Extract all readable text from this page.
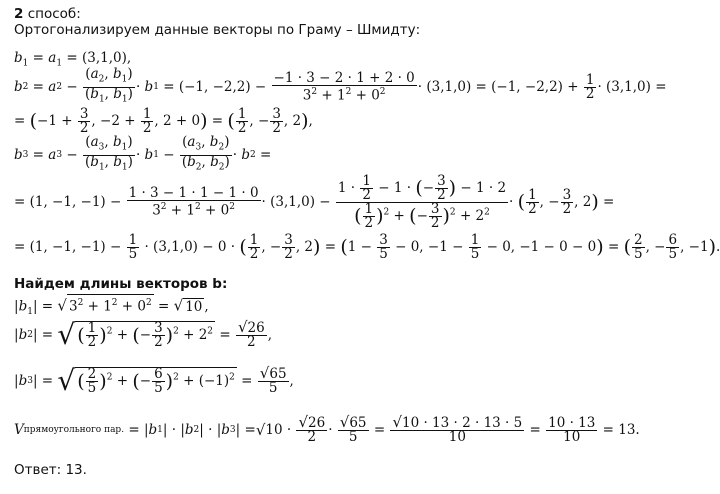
2 способ:
Ортогонализируем данные векторы по Граму – Шмидту:
$b_1 = a_1 = (3,1,0)$,
b 2 = a $2 - \frac{(a_2, b_1)}{(b_1, b_1)} \cdot b$ 1 = (−1, $-2,2) - \frac{-1 \cdot 3 - 2 \cdot 1 + 2 \cdot 0}{3^2 + 1^2 + 0^2} \cdot (3,1,0) = (-1$, $-2,2) + \frac{1}{2} \cdot (3,1,0)$ =
= ( $-1 + \frac{3}{2}$ , $-2 + \frac{1}{2}$ , 2 + 0 ) = ( $\frac{1}{2}$ , − $\frac{3}{2}$ , 2 ) ,
b 3 = a $3 - \frac{(a_3, b_1)}{(b_1, b_1)} \cdot b$ $1 - \frac{(a_3, b_2)}{(b_2, b_2)} \cdot b$ 2 =
= (1, −1, $-1) - \frac{1 \cdot 3 - 1 \cdot 1 - 1 \cdot 0}{3^2 + 1^2 + 0^2} \cdot (3,1,0) - \frac{1 \cdot \frac{1}{2} - 1 \cdot (- \frac{3}{2} ) - 1 \cdot 2}{( \frac{1}{2} )^2 + (- \frac{3}{2} )^2 + 2^2}$ · ( $\frac{1}{2}$ , − $\frac{3}{2}$ , 2 ) =
= (1, −1, $-1) - \frac{1}{5} \cdot (3,1,0) - 0$ · ( $\frac{1}{2}$ , − $\frac{3}{2}$ , 2 ) = ( $1 - \frac{3}{5} - 0$, $-1 - \frac{1}{5} - 0$, −1 − 0 − 0 ) = ( $\frac{2}{5}$ , − $\frac{6}{5}$ , −1 ) .
Найдем длины векторов b:
$|b_1|$ = √ $3^2 + 1^2 + 0^2$ = √ 10 ,
| b 2 | = √ ( $\frac{1}{2} )^2$ + (− $\frac{3}{2} )^2 + 2^2 = \frac{√26}{2}$ ,
| b 3 | = √ ( $\frac{2}{5} )^2$ + (− $\frac{6}{5} )^2 + (-1)^2 = \frac{√65}{5}$ ,
V прямоугольного пар. = | b 1 | · | b 2 | · | b 3 | = √ $10 \cdot \frac{√26}{2} \cdot \frac{√65}{5} = \frac{√10 \cdot 13 \cdot 2 \cdot 13 \cdot 5}{10} = \frac{10 \cdot 13}{10} = 13$.
Ответ: 13.
